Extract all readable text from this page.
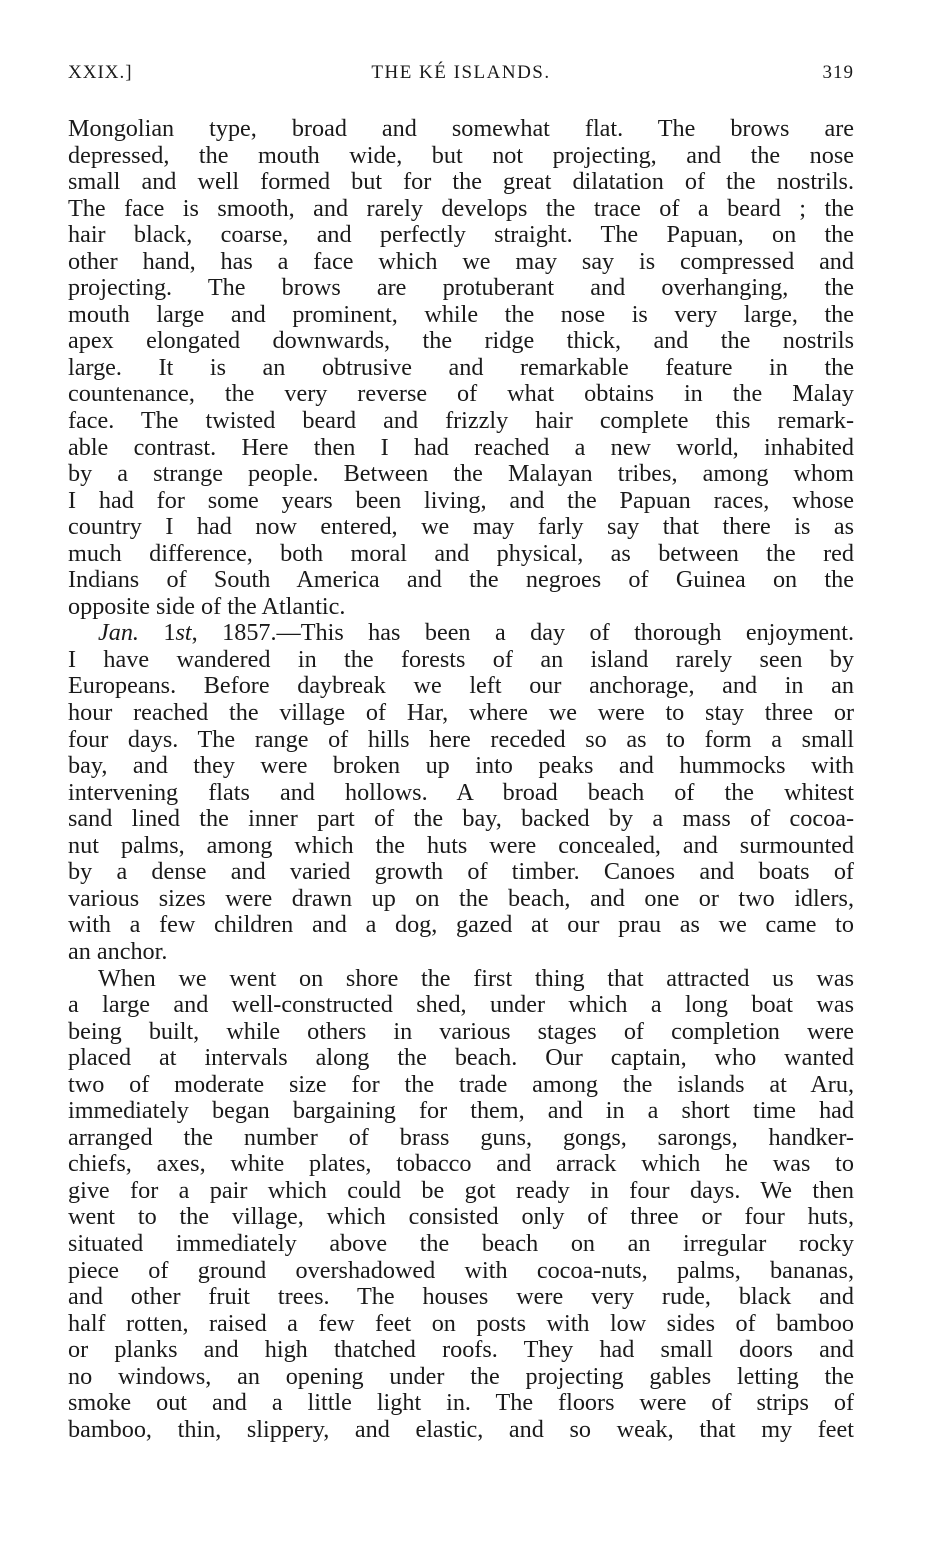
XXIX.]	THE KÉ ISLANDS.	319
Mongolian type, broad and somewhat flat. The brows are
depressed, the mouth wide, but not projecting, and the nose
small and well formed but for the great dilatation of the nostrils.
The face is smooth, and rarely develops the trace of a beard ; the
hair black, coarse, and perfectly straight. The Papuan, on the
other hand, has a face which we may say is compressed and
projecting. The brows are protuberant and overhanging, the
mouth large and prominent, while the nose is very large, the
apex elongated downwards, the ridge thick, and the nostrils
large. It is an obtrusive and remarkable feature in the
countenance, the very reverse of what obtains in the Malay
face. The twisted beard and frizzly hair complete this remark-
able contrast. Here then I had reached a new world, inhabited
by a strange people. Between the Malayan tribes, among whom
I had for some years been living, and the Papuan races, whose
country I had now entered, we may farly say that there is as
much difference, both moral and physical, as between the red
Indians of South America and the negroes of Guinea on the
opposite side of the Atlantic.
Jan. 1st, 1857.—This has been a day of thorough enjoyment.
I have wandered in the forests of an island rarely seen by
Europeans. Before daybreak we left our anchorage, and in an
hour reached the village of Har, where we were to stay three or
four days. The range of hills here receded so as to form a small
bay, and they were broken up into peaks and hummocks with
intervening flats and hollows. A broad beach of the whitest
sand lined the inner part of the bay, backed by a mass of cocoa-
nut palms, among which the huts were concealed, and surmounted
by a dense and varied growth of timber. Canoes and boats of
various sizes were drawn up on the beach, and one or two idlers,
with a few children and a dog, gazed at our prau as we came to
an anchor.
When we went on shore the first thing that attracted us was
a large and well-constructed shed, under which a long boat was
being built, while others in various stages of completion were
placed at intervals along the beach. Our captain, who wanted
two of moderate size for the trade among the islands at Aru,
immediately began bargaining for them, and in a short time had
arranged the number of brass guns, gongs, sarongs, handker-
chiefs, axes, white plates, tobacco and arrack which he was to
give for a pair which could be got ready in four days. We then
went to the village, which consisted only of three or four huts,
situated immediately above the beach on an irregular rocky
piece of ground overshadowed with cocoa-nuts, palms, bananas,
and other fruit trees. The houses were very rude, black and
half rotten, raised a few feet on posts with low sides of bamboo
or planks and high thatched roofs. They had small doors and
no windows, an opening under the projecting gables letting the
smoke out and a little light in. The floors were of strips of
bamboo, thin, slippery, and elastic, and so weak, that my feet
